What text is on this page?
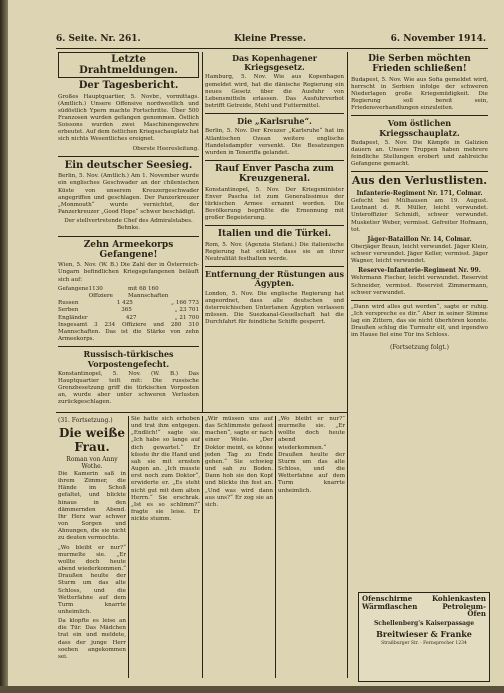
6. Seite. Nr. 261.	Kleine Presse.	6. November 1914.
Letzte Drahtmeldungen.
Der Tagesbericht.
Großes Hauptquartier, 5. Novbr., vormittags. (Amtlich.) Unsere Offensive nordwestlich und südöstlich Ypern machte Fortschritte. Über 500 Franzosen wurden gefangen genommen. Östlich Soissons wurden zwei Maschinengewehre erbeutet. Auf dem östlichen Kriegsschauplatz hat sich nichts Wesentliches ereignet.
Oberste Heeresleitung.
Ein deutscher Seesieg.
Berlin, 5. Nov. (Amtlich.) Am 1. November wurde ein englisches Geschwader an der chilenischen Küste von unserem Kreuzergeschwader angegriffen und geschlagen. Der Panzerkreuzer „Monmouth“ wurde vernichtet, der Panzerkreuzer „Good Hope“ schwer beschädigt.
Der stellvertretende Chef des Admiralstabes. Behnke.
Zehn Armeekorps Gefangene!
Wien, 5. Nov. (W. B.) Die Zahl der in Österreich-Ungarn befindlichen Kriegsgefangenen beläuft sich auf:
Gefangene 1130 Offiziere
mit 68 160 Mannschaften
Russen	1 425	„ 166 773
Serben	365	„ 23 701
Engländer	427	„ 21 700
Insgesamt 3 234 Offiziere und 280 310 Mannschaften. Das ist die Stärke von zehn Armeekorps.
Russisch-türkisches Vorpostengefecht.
Konstantinopel, 5. Nov. (W. B.) Das Hauptquartier teilt mit: Die russische Grenzbesetzung griff die türkischen Vorposten an, wurde aber unter schweren Verlusten zurückgeschlagen.
Das Kopenhagener Kriegsgesetz.
Hamburg, 5. Nov. Wie aus Kopenhagen gemeldet wird, hat die dänische Regierung ein neues Gesetz über die Ausfuhr von Lebensmitteln erlassen. Das Ausfuhrverbot betrifft Getreide, Mehl und Futtermittel.
Die „Karlsruhe“.
Berlin, 5. Nov. Der Kreuzer „Karlsruhe“ hat im Atlantischen Ozean weitere englische Handelsdampfer versenkt. Die Besatzungen wurden in Teneriffa gelandet.
Rauf Enver Pascha zum Kreuzgeneral.
Konstantinopel, 5. Nov. Der Kriegsminister Enver Pascha ist zum Generalissimus der türkischen Armee ernannt worden. Die Bevölkerung begrüßte die Ernennung mit großer Begeisterung.
Italien und die Türkei.
Rom, 5. Nov. (Agenzia Stefani.) Die italienische Regierung hat erklärt, dass sie an ihrer Neutralität festhalten werde.
Entfernung der Rüstungen aus Ägypten.
London, 5. Nov. Die englische Regierung hat angeordnet, dass alle deutschen und österreichischen Untertanen Ägypten verlassen müssen. Die Suezkanal-Gesellschaft hat die Durchfahrt für feindliche Schiffe gesperrt.
Die Serben möchten Frieden schließen!
Budapest, 5. Nov. Wie aus Sofia gemeldet wird, herrscht in Serbien infolge der schweren Niederlagen große Kriegsmüdigkeit. Die Regierung soll bereit sein, Friedensverhandlungen einzuleiten.
Vom östlichen Kriegsschauplatz.
Budapest, 5. Nov. Die Kämpfe in Galizien dauern an. Unsere Truppen haben mehrere feindliche Stellungen erobert und zahlreiche Gefangene gemacht.
Aus den Verlustlisten.
Infanterie-Regiment Nr. 171, Colmar.
Gefecht bei Mülhausen am 19. August. Leutnant d. R. Müller, leicht verwundet. Unteroffizier Schmidt, schwer verwundet. Musketier Weber, vermisst. Gefreiter Hofmann, tot.
Jäger-Bataillon Nr. 14, Colmar.
Oberjäger Braun, leicht verwundet. Jäger Klein, schwer verwundet. Jäger Keller, vermisst. Jäger Wagner, leicht verwundet.
Reserve-Infanterie-Regiment Nr. 99.
Wehrmann Fischer, leicht verwundet. Reservist Schneider, vermisst. Reservist Zimmermann, schwer verwundet.
„Dann wird alles gut werden“, sagte er ruhig. „Ich verspreche es dir.“ Aber in seiner Stimme lag ein Zittern, das sie nicht überhören konnte. Draußen schlug die Turmuhr elf, und irgendwo im Hause fiel eine Tür ins Schloss.
(Fortsetzung folgt.)
(31. Fortsetzung.)
Die weiße Frau.
Roman von Anny Wothe.
Die Kamerin saß in ihrem Zimmer, die Hände im Schoß gefaltet, und blickte hinaus in den dämmernden Abend. Ihr Herz war schwer von Sorgen und Ahnungen, die sie nicht zu deuten vermochte.
„Wo bleibt er nur?“ murmelte sie. „Er wollte doch heute abend wiederkommen.“ Draußen heulte der Sturm um das alte Schloss, und die Wetterfahne auf dem Turm knarrte unheimlich.
Da klopfte es leise an die Tür. Das Mädchen trat ein und meldete, dass der junge Herr soeben angekommen sei.
Sie hatte sich erhoben und trat ihm entgegen. „Endlich!“ sagte sie. „Ich habe so lange auf dich gewartet.“ Er küsste ihr die Hand und sah sie mit ernsten Augen an. „Ich musste erst noch zum Doktor“, erwiderte er. „Es steht nicht gut mit dem alten Herrn.“ Sie erschrak. „Ist es so schlimm?“ fragte sie leise. Er nickte stumm.
„Wir müssen uns auf das Schlimmste gefasst machen“, sagte er nach einer Weile. „Der Doktor meint, es könne jeden Tag zu Ende gehen.“ Sie schwieg und sah zu Boden. Dann hob sie den Kopf und blickte ihn fest an. „Und was wird dann aus uns?“ Er zog sie an sich.
„Wo bleibt er nur?“ murmelte sie. „Er wollte doch heute abend wiederkommen.“ Draußen heulte der Sturm um das alte Schloss, und die Wetterfahne auf dem Turm knarrte unheimlich.
Ofenschirme Wärmflaschen
Kohlenkasten Petroleum-Öfen
Schellenberg's Kaiserpassage
Breitwieser & Franke
Straßburger Str. · Fernsprecher 1234
